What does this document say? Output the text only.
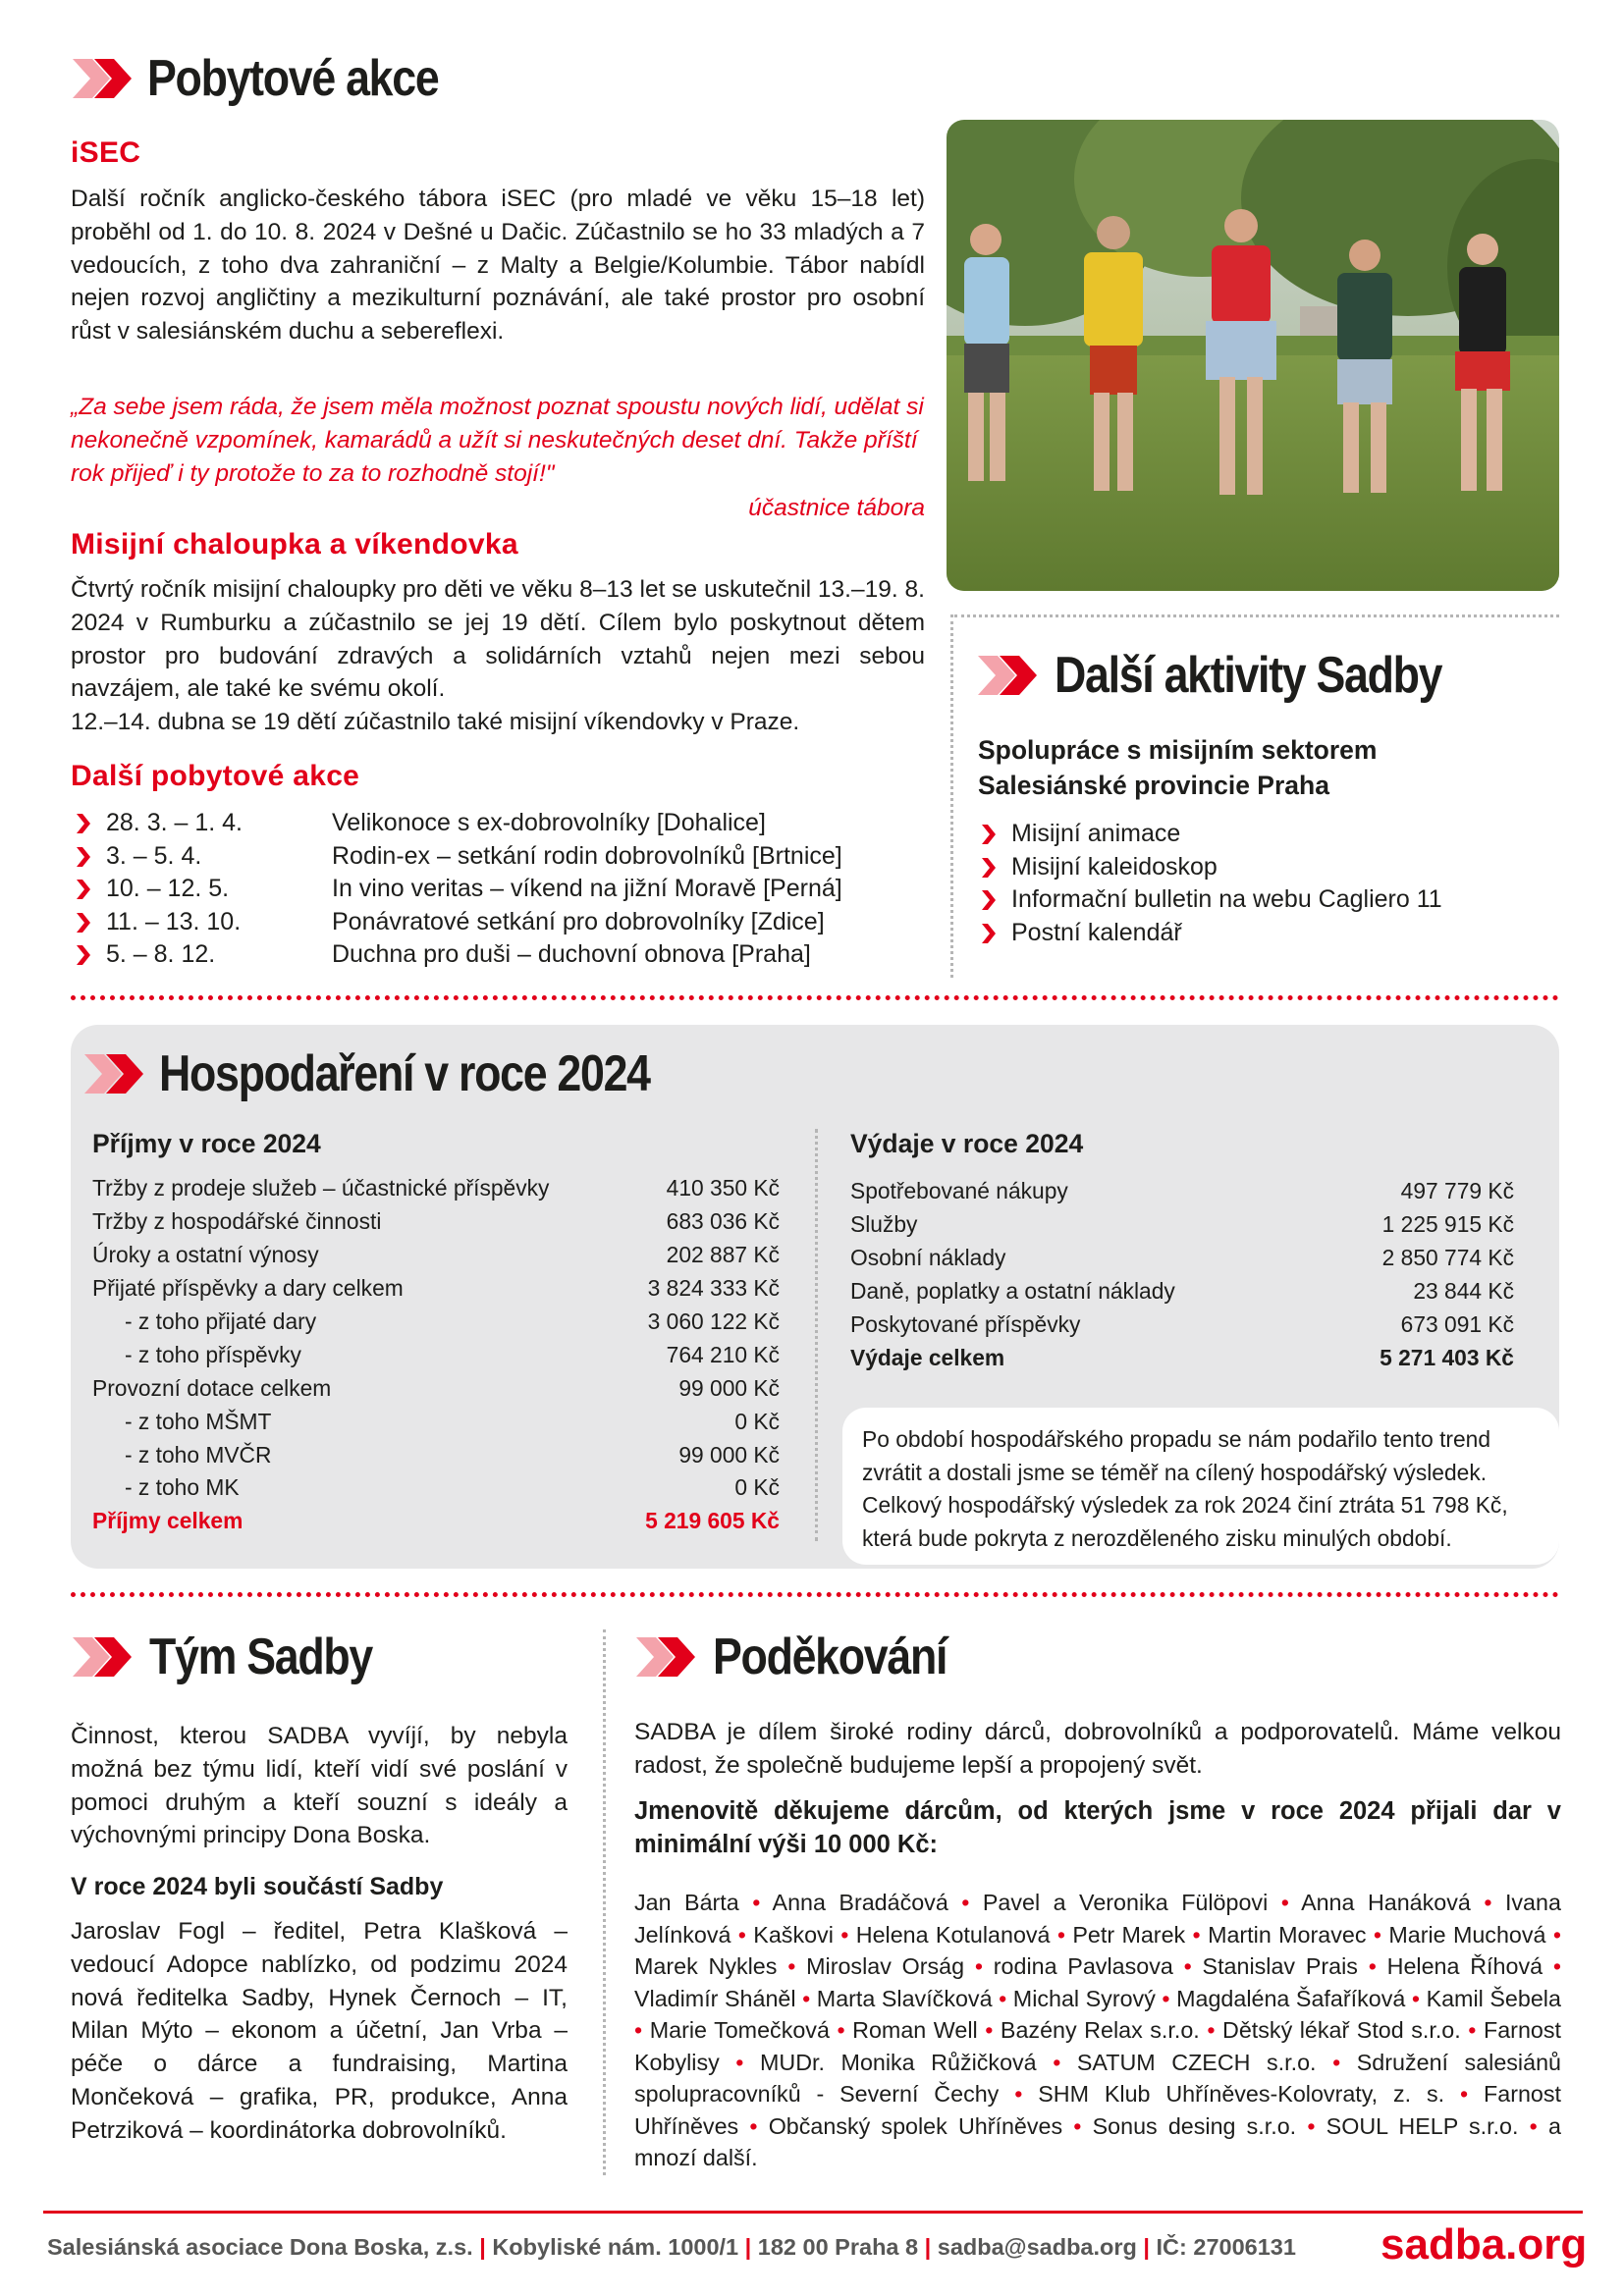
Pobytové akce
iSEC
Další ročník anglicko-českého tábora iSEC (pro mladé ve věku 15–18 let) proběhl od 1. do 10. 8. 2024 v Dešné u Dačic. Zúčastnilo se ho 33 mladých a 7 vedoucích, z toho dva zahraniční – z Malty a Belgie/Kolumbie. Tábor nabídl nejen rozvoj angličtiny a mezikulturní poznávání, ale také prostor pro osobní růst v salesiánském duchu a sebereflexi.
„Za sebe jsem ráda, že jsem měla možnost poznat spoustu nových lidí, udělat si nekonečně vzpomínek, kamarádů a užít si neskutečných deset dní. Takže příští rok přijeď i ty protože to za to rozhodně stojí!"
účastnice tábora
Misijní chaloupka a víkendovka
Čtvrtý ročník misijní chaloupky pro děti ve věku 8–13 let se uskutečnil 13.–19. 8. 2024 v Rumburku a zúčastnilo se jej 19 dětí. Cílem bylo poskytnout dětem prostor pro budování zdravých a solidárních vztahů nejen mezi sebou navzájem, ale také ke svému okolí.
12.–14. dubna se 19 dětí zúčastnilo také misijní víkendovky v Praze.
Další pobytové akce
28. 3. – 1. 4.	Velikonoce s ex-dobrovolníky [Dohalice]
3. – 5. 4.	Rodin-ex – setkání rodin dobrovolníků [Brtnice]
10. – 12. 5.	In vino veritas – víkend na jižní Moravě [Perná]
11. – 13. 10.	Ponávratové setkání pro dobrovolníky [Zdice]
5. – 8. 12.	Duchna pro duši – duchovní obnova [Praha]
Další aktivity Sadby
Spolupráce s misijním sektorem Salesiánské provincie Praha
Misijní animace
Misijní kaleidoskop
Informační bulletin na webu Cagliero 11
Postní kalendář
Hospodaření v roce 2024
Příjmy v roce 2024
Tržby z prodeje služeb – účastnické příspěvky	410 350 Kč
Tržby z hospodářské činnosti	683 036 Kč
Úroky a ostatní výnosy	202 887 Kč
Přijaté příspěvky a dary celkem	3 824 333 Kč
- z toho přijaté dary	3 060 122 Kč
- z toho příspěvky	764 210 Kč
Provozní dotace celkem	99 000 Kč
- z toho MŠMT	0 Kč
- z toho MVČR	99 000 Kč
- z toho MK	0 Kč
Příjmy celkem	5 219 605 Kč
Výdaje v roce 2024
Spotřebované nákupy	497 779 Kč
Služby	1 225 915 Kč
Osobní náklady	2 850 774 Kč
Daně, poplatky a ostatní náklady	23 844 Kč
Poskytované příspěvky	673 091 Kč
Výdaje celkem	5 271 403 Kč
Po období hospodářského propadu se nám podařilo tento trend zvrátit a dostali jsme se téměř na cílený hospodářský výsledek. Celkový hospodářský výsledek za rok 2024 činí ztráta 51 798 Kč, která bude pokryta z nerozděleného zisku minulých období.
Tým Sadby
Činnost, kterou SADBA vyvíjí, by nebyla možná bez týmu lidí, kteří vidí své poslání v pomoci druhým a kteří souzní s ideály a výchovnými principy Dona Boska.
V roce 2024 byli součástí Sadby
Jaroslav Fogl – ředitel, Petra Klašková – vedoucí Adopce nablízko, od podzimu 2024 nová ředitelka Sadby, Hynek Černoch – IT, Milan Mýto – ekonom a účetní, Jan Vrba – péče o dárce a fundraising, Martina Mončeková – grafika, PR, produkce, Anna Petrziková – koordinátorka dobrovolníků.
Poděkování
SADBA je dílem široké rodiny dárců, dobrovolníků a podporovatelů. Máme velkou radost, že společně budujeme lepší a propojený svět.
Jmenovitě děkujeme dárcům, od kterých jsme v roce 2024 přijali dar v minimální výši 10 000 Kč:
Jan Bárta • Anna Bradáčová • Pavel a Veronika Fülöpovi • Anna Hanáková • Ivana Jelínková • Kaškovi • Helena Kotulanová • Petr Marek • Martin Moravec • Marie Muchová • Marek Nykles • Miroslav Orság • rodina Pavlasova • Stanislav Prais • Helena Říhová • Vladimír Sháněl • Marta Slavíčková • Michal Syrový • Magdaléna Šafaříková • Kamil Šebela • Marie Tomečková • Roman Well • Bazény Relax s.r.o. • Dětský lékař Stod s.r.o. • Farnost Kobylisy • MUDr. Monika Růžičková • SATUM CZECH s.r.o. • Sdružení salesiánů spolupracovníků - Severní Čechy • SHM Klub Uhříněves-Kolovraty, z. s. • Farnost Uhříněves • Občanský spolek Uhříněves • Sonus desing s.r.o. • SOUL HELP s.r.o. • a mnozí další.
Salesiánská asociace Dona Boska, z.s. | Kobyliské nám. 1000/1 | 182 00 Praha 8 | sadba@sadba.org | IČ: 27006131 sadba.org
